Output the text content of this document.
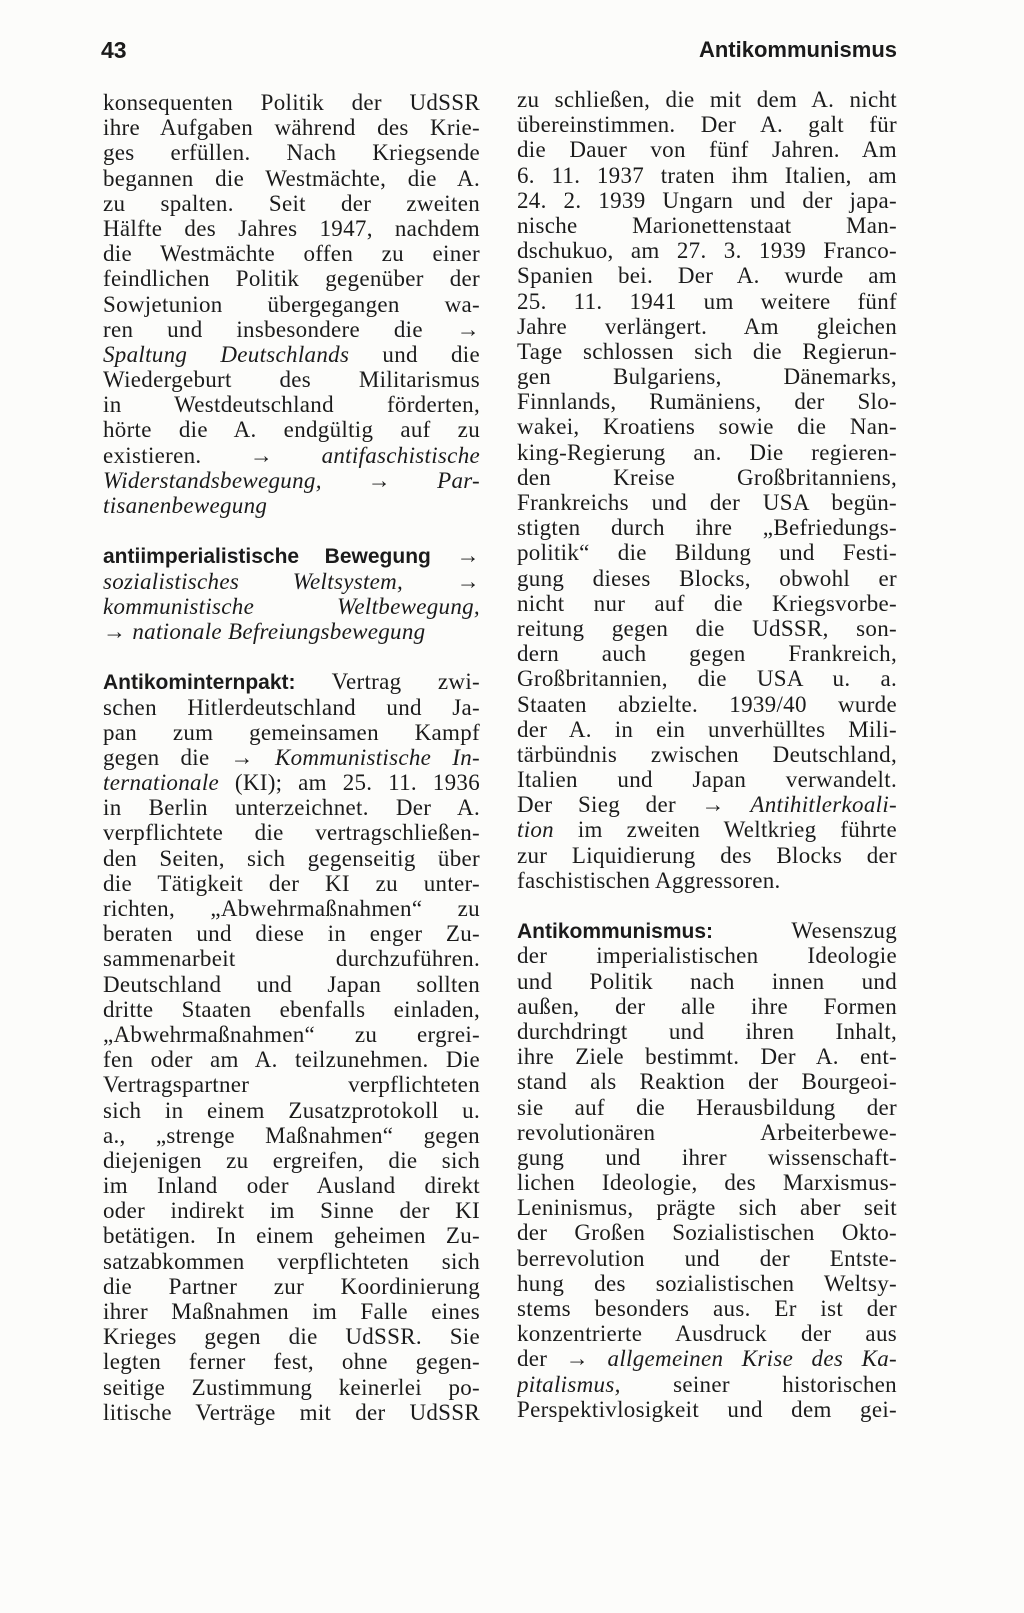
43	Antikommunismus
konsequenten Politik der UdSSR
ihre Aufgaben während des Krie-
ges erfüllen. Nach Kriegsende
begannen die Westmächte, die A.
zu spalten. Seit der zweiten
Hälfte des Jahres 1947, nachdem
die Westmächte offen zu einer
feindlichen Politik gegenüber der
Sowjetunion übergegangen wa-
ren und insbesondere die →
Spaltung Deutschlands und die
Wiedergeburt des Militarismus
in Westdeutschland förderten,
hörte die A. endgültig auf zu
existieren. → antifaschistische
Widerstandsbewegung, → Par-
tisanenbewegung
antiimperialistische Bewegung →
sozialistisches Weltsystem, →
kommunistische Weltbewegung,
→ nationale Befreiungsbewegung
Antikominternpakt: Vertrag zwi-
schen Hitlerdeutschland und Ja-
pan zum gemeinsamen Kampf
gegen die → Kommunistische In-
ternationale (KI); am 25. 11. 1936
in Berlin unterzeichnet. Der A.
verpflichtete die vertragschließen-
den Seiten, sich gegenseitig über
die Tätigkeit der KI zu unter-
richten, „Abwehrmaßnahmen“ zu
beraten und diese in enger Zu-
sammenarbeit durchzuführen.
Deutschland und Japan sollten
dritte Staaten ebenfalls einladen,
„Abwehrmaßnahmen“ zu ergrei-
fen oder am A. teilzunehmen. Die
Vertragspartner verpflichteten
sich in einem Zusatzprotokoll u.
a., „strenge Maßnahmen“ gegen
diejenigen zu ergreifen, die sich
im Inland oder Ausland direkt
oder indirekt im Sinne der KI
betätigen. In einem geheimen Zu-
satzabkommen verpflichteten sich
die Partner zur Koordinierung
ihrer Maßnahmen im Falle eines
Krieges gegen die UdSSR. Sie
legten ferner fest, ohne gegen-
seitige Zustimmung keinerlei po-
litische Verträge mit der UdSSR
zu schließen, die mit dem A. nicht
übereinstimmen. Der A. galt für
die Dauer von fünf Jahren. Am
6. 11. 1937 traten ihm Italien, am
24. 2. 1939 Ungarn und der japa-
nische Marionettenstaat Man-
dschukuo, am 27. 3. 1939 Franco-
Spanien bei. Der A. wurde am
25. 11. 1941 um weitere fünf
Jahre verlängert. Am gleichen
Tage schlossen sich die Regierun-
gen Bulgariens, Dänemarks,
Finnlands, Rumäniens, der Slo-
wakei, Kroatiens sowie die Nan-
king-Regierung an. Die regieren-
den Kreise Großbritanniens,
Frankreichs und der USA begün-
stigten durch ihre „Befriedungs-
politik“ die Bildung und Festi-
gung dieses Blocks, obwohl er
nicht nur auf die Kriegsvorbe-
reitung gegen die UdSSR, son-
dern auch gegen Frankreich,
Großbritannien, die USA u. a.
Staaten abzielte. 1939/40 wurde
der A. in ein unverhülltes Mili-
tärbündnis zwischen Deutschland,
Italien und Japan verwandelt.
Der Sieg der → Antihitlerkoali-
tion im zweiten Weltkrieg führte
zur Liquidierung des Blocks der
faschistischen Aggressoren.
Antikommunismus: Wesenszug
der imperialistischen Ideologie
und Politik nach innen und
außen, der alle ihre Formen
durchdringt und ihren Inhalt,
ihre Ziele bestimmt. Der A. ent-
stand als Reaktion der Bourgeoi-
sie auf die Herausbildung der
revolutionären Arbeiterbewe-
gung und ihrer wissenschaft-
lichen Ideologie, des Marxismus-
Leninismus, prägte sich aber seit
der Großen Sozialistischen Okto-
berrevolution und der Entste-
hung des sozialistischen Weltsy-
stems besonders aus. Er ist der
konzentrierte Ausdruck der aus
der → allgemeinen Krise des Ka-
pitalismus, seiner historischen
Perspektivlosigkeit und dem gei-
